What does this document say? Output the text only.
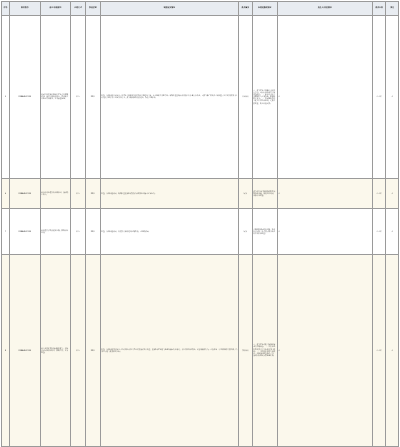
序号	案件编号	省办/市级意见	办理方式	涉及区域	调查核实情况	是否属实	处理及整改情况	责任人/问责情况	是否办结	备注
5	D3BA4522128	何家庄街道某村附近有企业占用耕地建设厂房并违规排放废水，群众多次反映未得到解决，要求核查处理。	转办	XX区	经查，反映问题基本属实。该企业于2019年租用集体土地建设厂房，未办理相关用地手续；现场检查发现雨水排放口有少量污水外溢，已责令停产整改并立案调查。区自然资源部门已对违法占地行为下达处罚决定书，责令限期拆除违法建筑、恢复土地原状。	基本属实	一、责令企业立即停止违法排污行为，对雨污管网进行全面排查改造；二、依法对违法占用耕地行为立案查处，限期拆除并复垦；三、由属地街道牵头建立长效监管机制，定期开展巡查，防止问题反弹。	无	已办结	无
6	D3BA4522128	某小区周边餐饮店油烟扰民，夜间噪声较大。	转办	XX区	经查，反映问题属实。现场检查发现2家餐饮店油烟净化设施未正常运行。	属实	责令相关商户限期清洗维护油烟净化设施，规范经营时间，加强日常巡查。	无	已办结	无
7	D3BA4522128	某河道沿岸堆放建筑垃圾，影响水体环境。	转办	XX区	经查，反映问题属实。河道沿岸确有建筑垃圾堆放，已组织清运。	属实	立即组织清运建筑垃圾，恢复河岸原貌，设立警示牌并纳入河长制日常巡查。	无	已办结	无
8	D3BA4522128	某工业园区企业夜间偷排废气，周边居民反映异味明显，影响生活，要求彻查。	转办	XX区	经查，反映问题部分属实。经对园区内涉气企业开展夜间突击检查，发现1家企业废气处理设施运行不稳定，存在异味外溢情况；未发现偷排行为。已委托第三方监测机构开展监测，结果显示废气排放浓度达标。	部分属实	一、责令企业对废气处理设施进行升级改造；二、安装在线监控设备并与生态环境部门联网；三、开展园区异味专项整治，加强夜间巡查频次；四、及时向反映人反馈处理结果。	无	已办结	无
